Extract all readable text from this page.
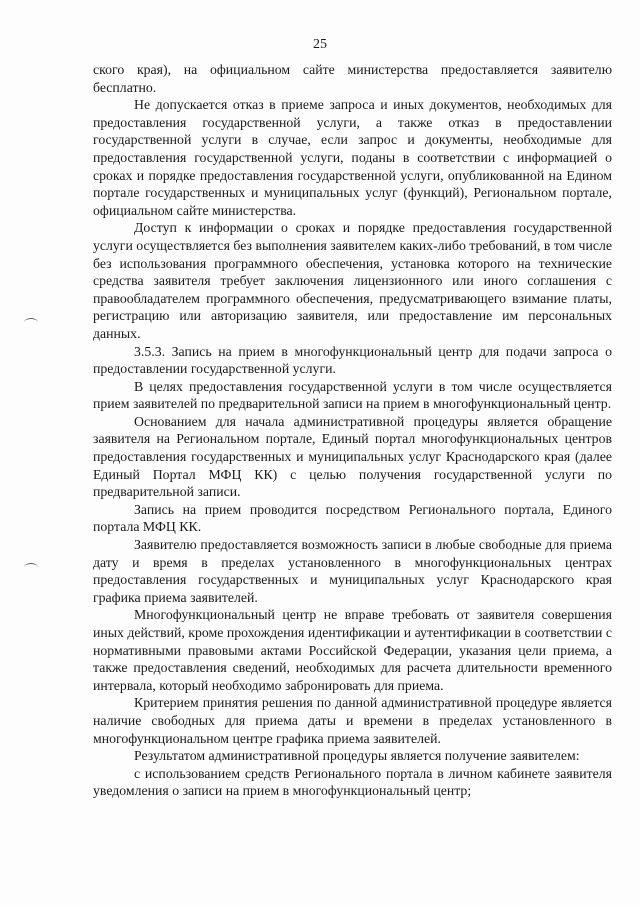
25

ского края), на официальном сайте министерства предоставляется заявителю бесплатно.

Не допускается отказ в приеме запроса и иных документов, необходимых для предоставления государственной услуги, а также отказ в предоставлении государственной услуги в случае, если запрос и документы, необходимые для предоставления государственной услуги, поданы в соответствии с информацией о сроках и порядке предоставления государственной услуги, опубликованной на Едином портале государственных и муниципальных услуг (функций), Региональном портале, официальном сайте министерства.

Доступ к информации о сроках и порядке предоставления государственной услуги осуществляется без выполнения заявителем каких-либо требований, в том числе без использования программного обеспечения, установка которого на технические средства заявителя требует заключения лицензионного или иного соглашения с правообладателем программного обеспечения, предусматривающего взимание платы, регистрацию или авторизацию заявителя, или предоставление им персональных данных.

3.5.3. Запись на прием в многофункциональный центр для подачи запроса о предоставлении государственной услуги.

В целях предоставления государственной услуги в том числе осуществляется прием заявителей по предварительной записи на прием в многофункциональный центр.

Основанием для начала административной процедуры является обращение заявителя на Региональном портале, Единый портал многофункциональных центров предоставления государственных и муниципальных услуг Краснодарского края (далее Единый Портал МФЦ КК) с целью получения государственной услуги по предварительной записи.

Запись на прием проводится посредством Регионального портала, Единого портала МФЦ КК.

Заявителю предоставляется возможность записи в любые свободные для приема дату и время в пределах установленного в многофункциональных центрах предоставления государственных и муниципальных услуг Краснодарского края графика приема заявителей.

Многофункциональный центр не вправе требовать от заявителя совершения иных действий, кроме прохождения идентификации и аутентификации в соответствии с нормативными правовыми актами Российской Федерации, указания цели приема, а также предоставления сведений, необходимых для расчета длительности временного интервала, который необходимо забронировать для приема.

Критерием принятия решения по данной административной процедуре является наличие свободных для приема даты и времени в пределах установленного в многофункциональном центре графика приема заявителей.

Результатом административной процедуры является получение заявителем:

с использованием средств Регионального портала в личном кабинете заявителя уведомления о записи на прием в многофункциональный центр;
